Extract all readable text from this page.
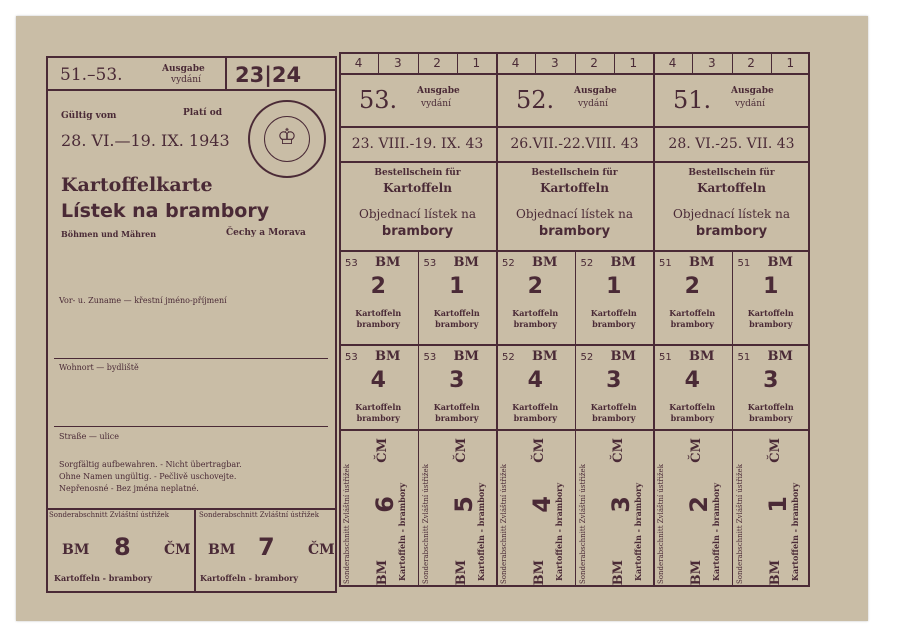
51.–53.	Ausgabe
vydání 23|24
Gültig vom	Platí od
28. VI.—19. IX. 1943	♔
Kartoffelkarte
Lístek na brambory
Böhmen und Mähren	Čechy a Morava
Vor- u. Zuname — křestní jméno-příjmení
Wohnort — bydliště
Straße — ulice
Sorgfältig aufbewahren. - Nicht übertragbar.
Ohne Namen ungültig. - Pečlivě uschovejte.
Nepřenosné - Bez jména neplatné.
Sonderabschnitt Zvláštní ústřižek
BM 8 ČM
Kartoffeln - brambory
Sonderabschnitt Zvláštní ústřižek
BM 7 ČM
Kartoffeln - brambory
4	3	2	1
53. Ausgabe
vydání
23. VIII.-19. IX. 43
Bestellschein für
Kartoffeln
Objednací lístek na
brambory
4	3	2	1
52. Ausgabe
vydání
26.VII.-22.VIII. 43
Bestellschein für
Kartoffeln
Objednací lístek na
brambory
4	3	2	1
51. Ausgabe
vydání
28. VI.-25. VII. 43
Bestellschein für
Kartoffeln
Objednací lístek na
brambory
53 BM
2
Kartoffeln
brambory
53 BM
1
Kartoffeln
brambory
52 BM
2
Kartoffeln
brambory
52 BM
1
Kartoffeln
brambory
51 BM
2
Kartoffeln
brambory
51 BM
1
Kartoffeln
brambory
53 BM
4
Kartoffeln
brambory
53 BM
3
Kartoffeln
brambory
52 BM
4
Kartoffeln
brambory
52 BM
3
Kartoffeln
brambory
51 BM
4
Kartoffeln
brambory
51 BM
3
Kartoffeln
brambory
Sonderabschnitt Zvláštní ústřižek
ČM
6
BM Kartoffeln - brambory Sonderabschnitt Zvláštní ústřižek
ČM
5
BM Kartoffeln - brambory Sonderabschnitt Zvláštní ústřižek
ČM
4
BM Kartoffeln - brambory Sonderabschnitt Zvláštní ústřižek
ČM
3
BM Kartoffeln - brambory Sonderabschnitt Zvláštní ústřižek
ČM
2
BM Kartoffeln - brambory Sonderabschnitt Zvláštní ústřižek
ČM
1
BM Kartoffeln - brambory
